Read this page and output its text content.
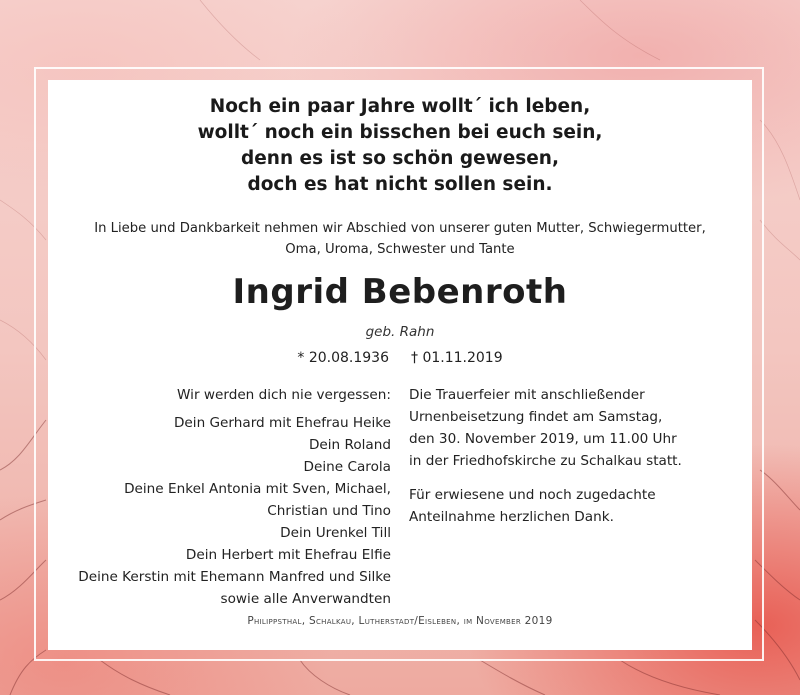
Noch ein paar Jahre wollt´ ich leben,
wollt´ noch ein bisschen bei euch sein,
denn es ist so schön gewesen,
doch es hat nicht sollen sein.
In Liebe und Dankbarkeit nehmen wir Abschied von unserer guten Mutter, Schwiegermutter,
Oma, Uroma, Schwester und Tante
Ingrid Bebenroth
geb. Rahn
* 20.08.1936 † 01.11.2019
Wir werden dich nie vergessen:
Dein Gerhard mit Ehefrau Heike
Dein Roland
Deine Carola
Deine Enkel Antonia mit Sven, Michael,
Christian und Tino
Dein Urenkel Till
Dein Herbert mit Ehefrau Elfie
Deine Kerstin mit Ehemann Manfred und Silke
sowie alle Anverwandten
Die Trauerfeier mit anschließender
Urnenbeisetzung findet am Samstag,
den 30. November 2019, um 11.00 Uhr
in der Friedhofskirche zu Schalkau statt.
Für erwiesene und noch zugedachte
Anteilnahme herzlichen Dank.
Philippsthal, Schalkau, Lutherstadt/Eisleben, im November 2019
